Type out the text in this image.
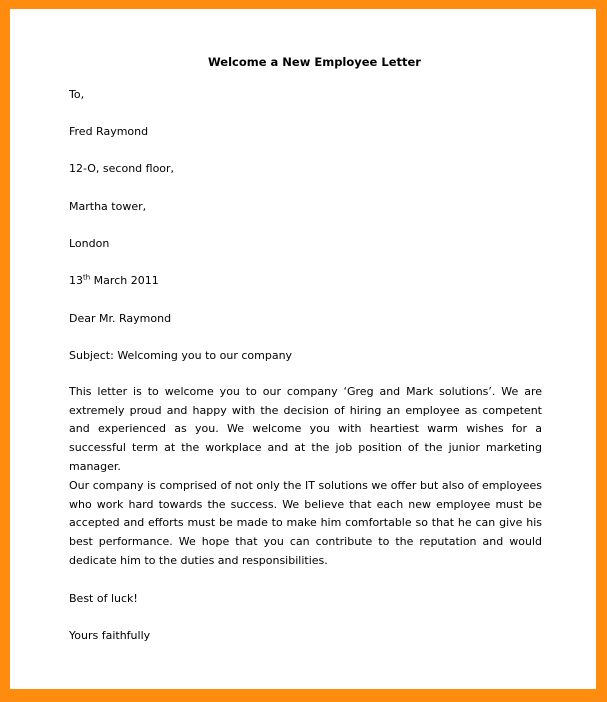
Welcome a New Employee Letter
To,
Fred Raymond
12-O, second floor,
Martha tower,
London
13th March 2011
Dear Mr. Raymond
Subject: Welcoming you to our company
This letter is to welcome you to our company ‘Greg and Mark solutions’. We are extremely proud and happy with the decision of hiring an employee as competent and experienced as you. We welcome you with heartiest warm wishes for a successful term at the workplace and at the job position of the junior marketing manager.
Our company is comprised of not only the IT solutions we offer but also of employees who work hard towards the success. We believe that each new employee must be accepted and efforts must be made to make him comfortable so that he can give his best performance. We hope that you can contribute to the reputation and would dedicate him to the duties and responsibilities.
Best of luck!
Yours faithfully
